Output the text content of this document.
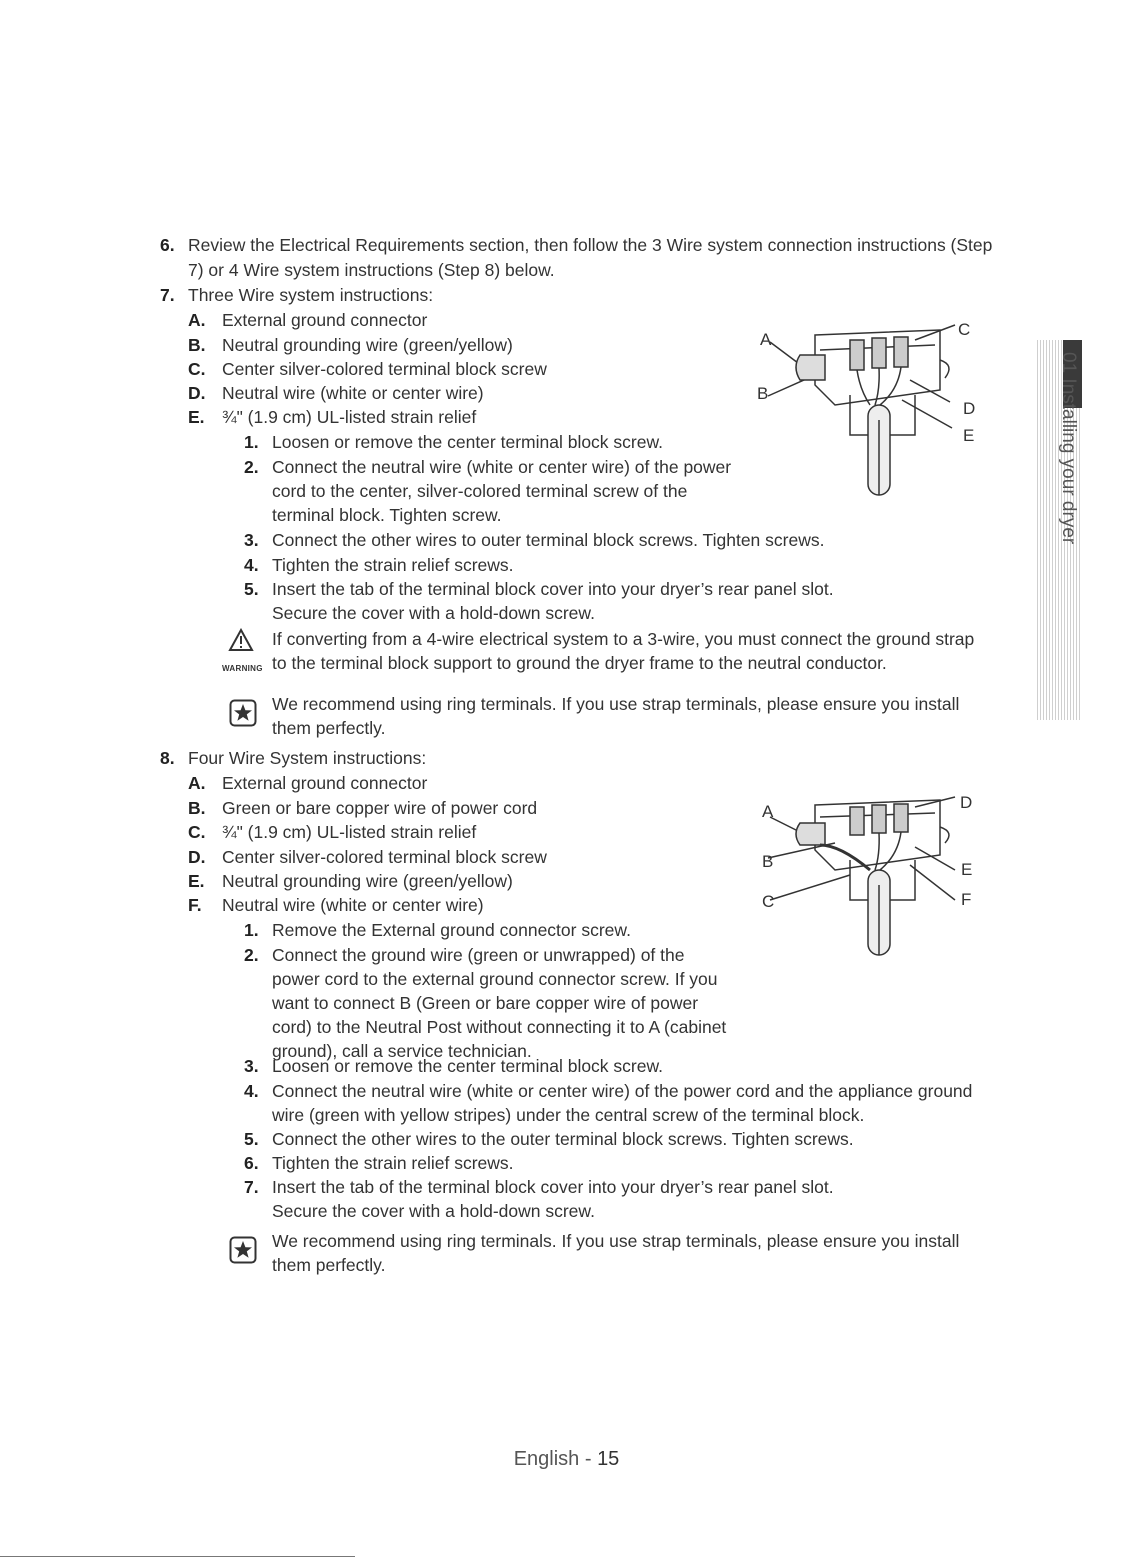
6. Review the Electrical Requirements section, then follow the 3 Wire system connection instructions (Step
7) or 4 Wire system instructions (Step 8) below.
7. Three Wire system instructions:
A. External ground connector
B. Neutral grounding wire (green/yellow)
C. Center silver-colored terminal block screw
D. Neutral wire (white or center wire)
E. ¾" (1.9 cm) UL-listed strain relief
1. Loosen or remove the center terminal block screw.
2. Connect the neutral wire (white or center wire) of the power
cord to the center, silver-colored terminal screw of the
terminal block. Tighten screw.
3. Connect the other wires to outer terminal block screws. Tighten screws.
4. Tighten the strain relief screws.
5. Insert the tab of the terminal block cover into your dryer’s rear panel slot.
Secure the cover with a hold-down screw.
WARNING
If converting from a 4-wire electrical system to a 3-wire, you must connect the ground strap
to the terminal block support to ground the dryer frame to the neutral conductor.
We recommend using ring terminals. If you use strap terminals, please ensure you install
them perfectly.
A
B
C
D
E
8. Four Wire System instructions:
A. External ground connector
B. Green or bare copper wire of power cord
C. ¾" (1.9 cm) UL-listed strain relief
D. Center silver-colored terminal block screw
E. Neutral grounding wire (green/yellow)
F. Neutral wire (white or center wire)
1. Remove the External ground connector screw.
2. Connect the ground wire (green or unwrapped) of the
power cord to the external ground connector screw. If you
want to connect B (Green or bare copper wire of power
cord) to the Neutral Post without connecting it to A (cabinet
ground), call a service technician.
3. Loosen or remove the center terminal block screw.
4. Connect the neutral wire (white or center wire) of the power cord and the appliance ground
wire (green with yellow stripes) under the central screw of the terminal block.
5. Connect the other wires to the outer terminal block screws. Tighten screws.
6. Tighten the strain relief screws.
7. Insert the tab of the terminal block cover into your dryer’s rear panel slot.
Secure the cover with a hold-down screw.
We recommend using ring terminals. If you use strap terminals, please ensure you install
them perfectly.
A
B
C
D
E
F
01 Installing your dryer
English - 15
